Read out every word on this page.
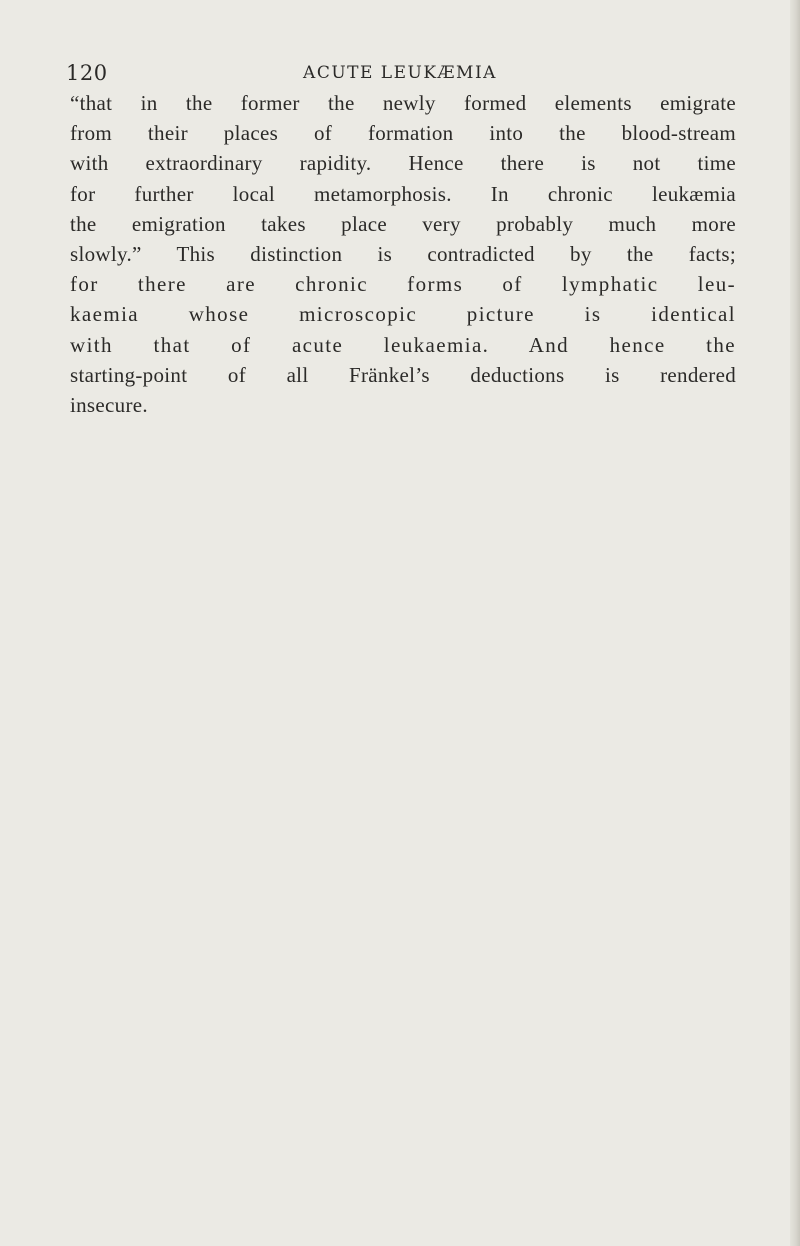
120	ACUTE LEUKÆMIA

“that in the former the newly formed elements emigrate
from their places of formation into the blood-stream
with extraordinary rapidity. Hence there is not time
for further local metamorphosis. In chronic leukæmia
the emigration takes place very probably much more
slowly.” This distinction is contradicted by the facts;
for there are chronic forms of lymphatic leu-
kaemia whose microscopic picture is identical
with that of acute leukaemia. And hence the
starting-point of all Fränkel’s deductions is rendered
insecure.
